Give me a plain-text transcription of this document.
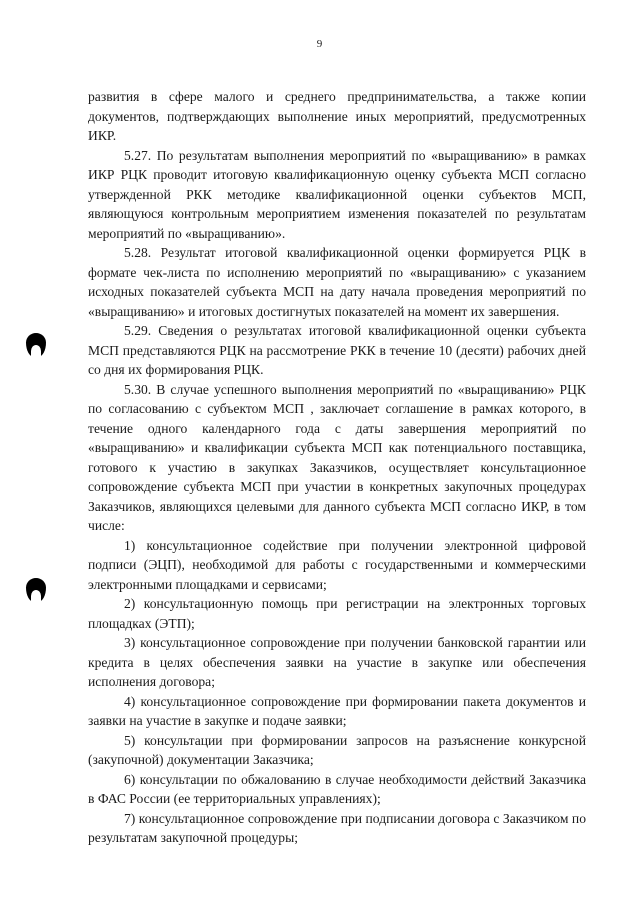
9

развития в сфере малого и среднего предпринимательства, а также копии документов, подтверждающих выполнение иных мероприятий, предусмотренных ИКР.

5.27. По результатам выполнения мероприятий по «выращиванию» в рамках ИКР РЦК проводит итоговую квалификационную оценку субъекта МСП согласно утвержденной РКК методике квалификационной оценки субъектов МСП, являющуюся контрольным мероприятием изменения показателей по результатам мероприятий по «выращиванию».

5.28. Результат итоговой квалификационной оценки формируется РЦК в формате чек-листа по исполнению мероприятий по «выращиванию» с указанием исходных показателей субъекта МСП на дату начала проведения мероприятий по «выращиванию» и итоговых достигнутых показателей на момент их завершения.

5.29. Сведения о результатах итоговой квалификационной оценки субъекта МСП представляются РЦК на рассмотрение РКК в течение 10 (десяти) рабочих дней со дня их формирования РЦК.

5.30. В случае успешного выполнения мероприятий по «выращиванию» РЦК по согласованию с субъектом МСП , заключает соглашение в рамках которого, в течение одного календарного года с даты завершения мероприятий по «выращиванию» и квалификации субъекта МСП как потенциального поставщика, готового к участию в закупках Заказчиков, осуществляет консультационное сопровождение субъекта МСП при участии в конкретных закупочных процедурах Заказчиков, являющихся целевыми для данного субъекта МСП согласно ИКР, в том числе:

1) консультационное содействие при получении электронной цифровой подписи (ЭЦП), необходимой для работы с государственными и коммерческими электронными площадками и сервисами;

2) консультационную помощь при регистрации на электронных торговых площадках (ЭТП);

3) консультационное сопровождение при получении банковской гарантии или кредита в целях обеспечения заявки на участие в закупке или обеспечения исполнения договора;

4) консультационное сопровождение при формировании пакета документов и заявки на участие в закупке и подаче заявки;

5) консультации при формировании запросов на разъяснение конкурсной (закупочной) документации Заказчика;

6) консультации по обжалованию в случае необходимости действий Заказчика в ФАС России (ее территориальных управлениях);

7) консультационное сопровождение при подписании договора с Заказчиком по результатам закупочной процедуры;
